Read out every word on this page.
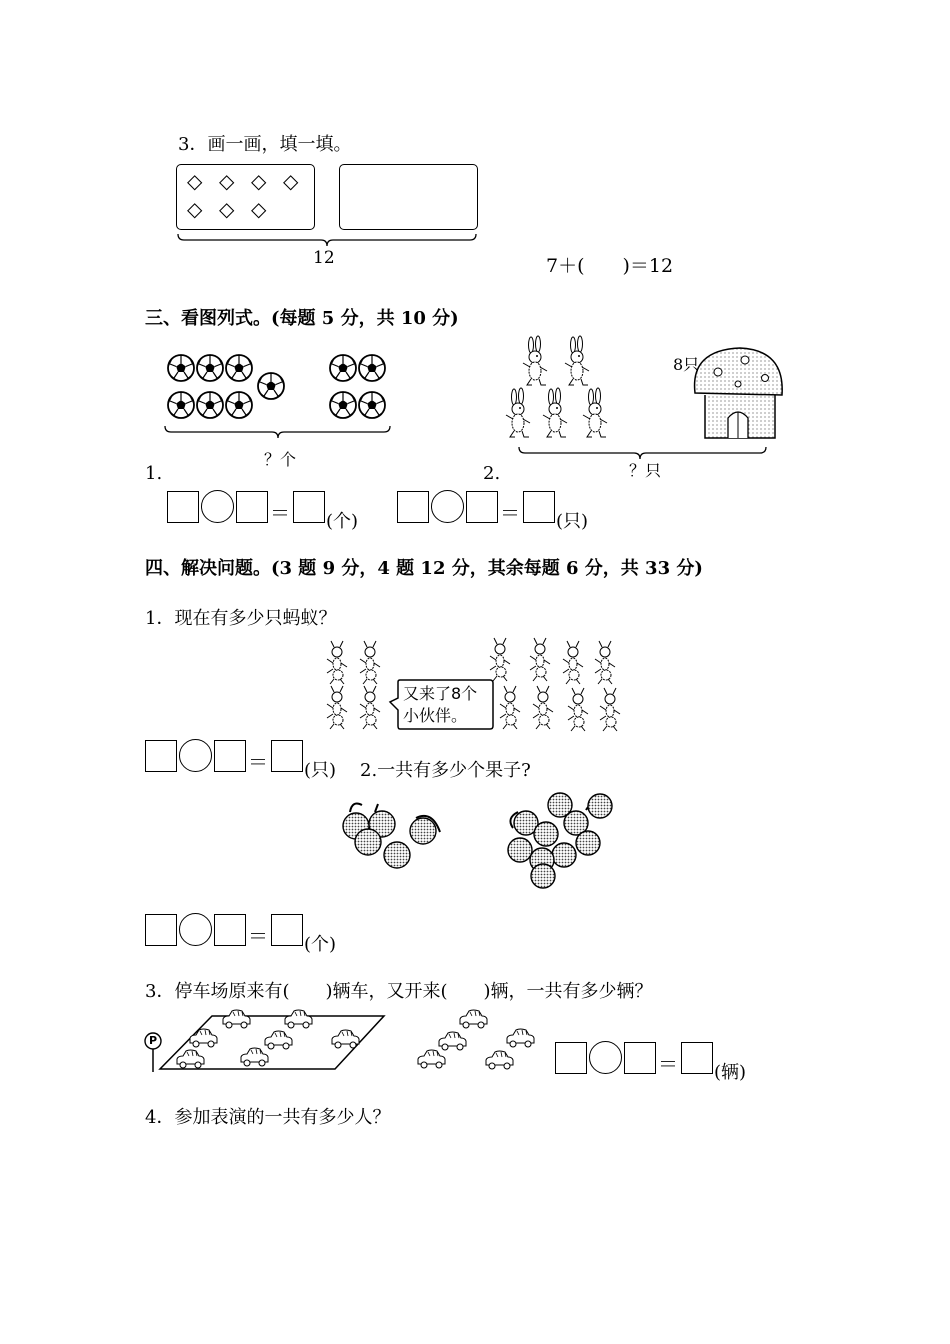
3．画一画，填一填。
◇ ◇ ◇ ◇
◇ ◇ ◇
12	7＋(　　)＝12
三、看图列式。(每题 5 分，共 10 分)
？个
1.
8只
？只
2.
＝ (个)	＝ (只)
四、解决问题。(3 题 9 分，4 题 12 分，其余每题 6 分，共 33 分)
1．现在有多少只蚂蚁？
又来了8个
小伙伴。
＝ (只) 2.一共有多少个果子?
＝ (个)
3．停车场原来有(　　)辆车，又开来(　　)辆，一共有多少辆？
P
＝ (辆)
4．参加表演的一共有多少人？
